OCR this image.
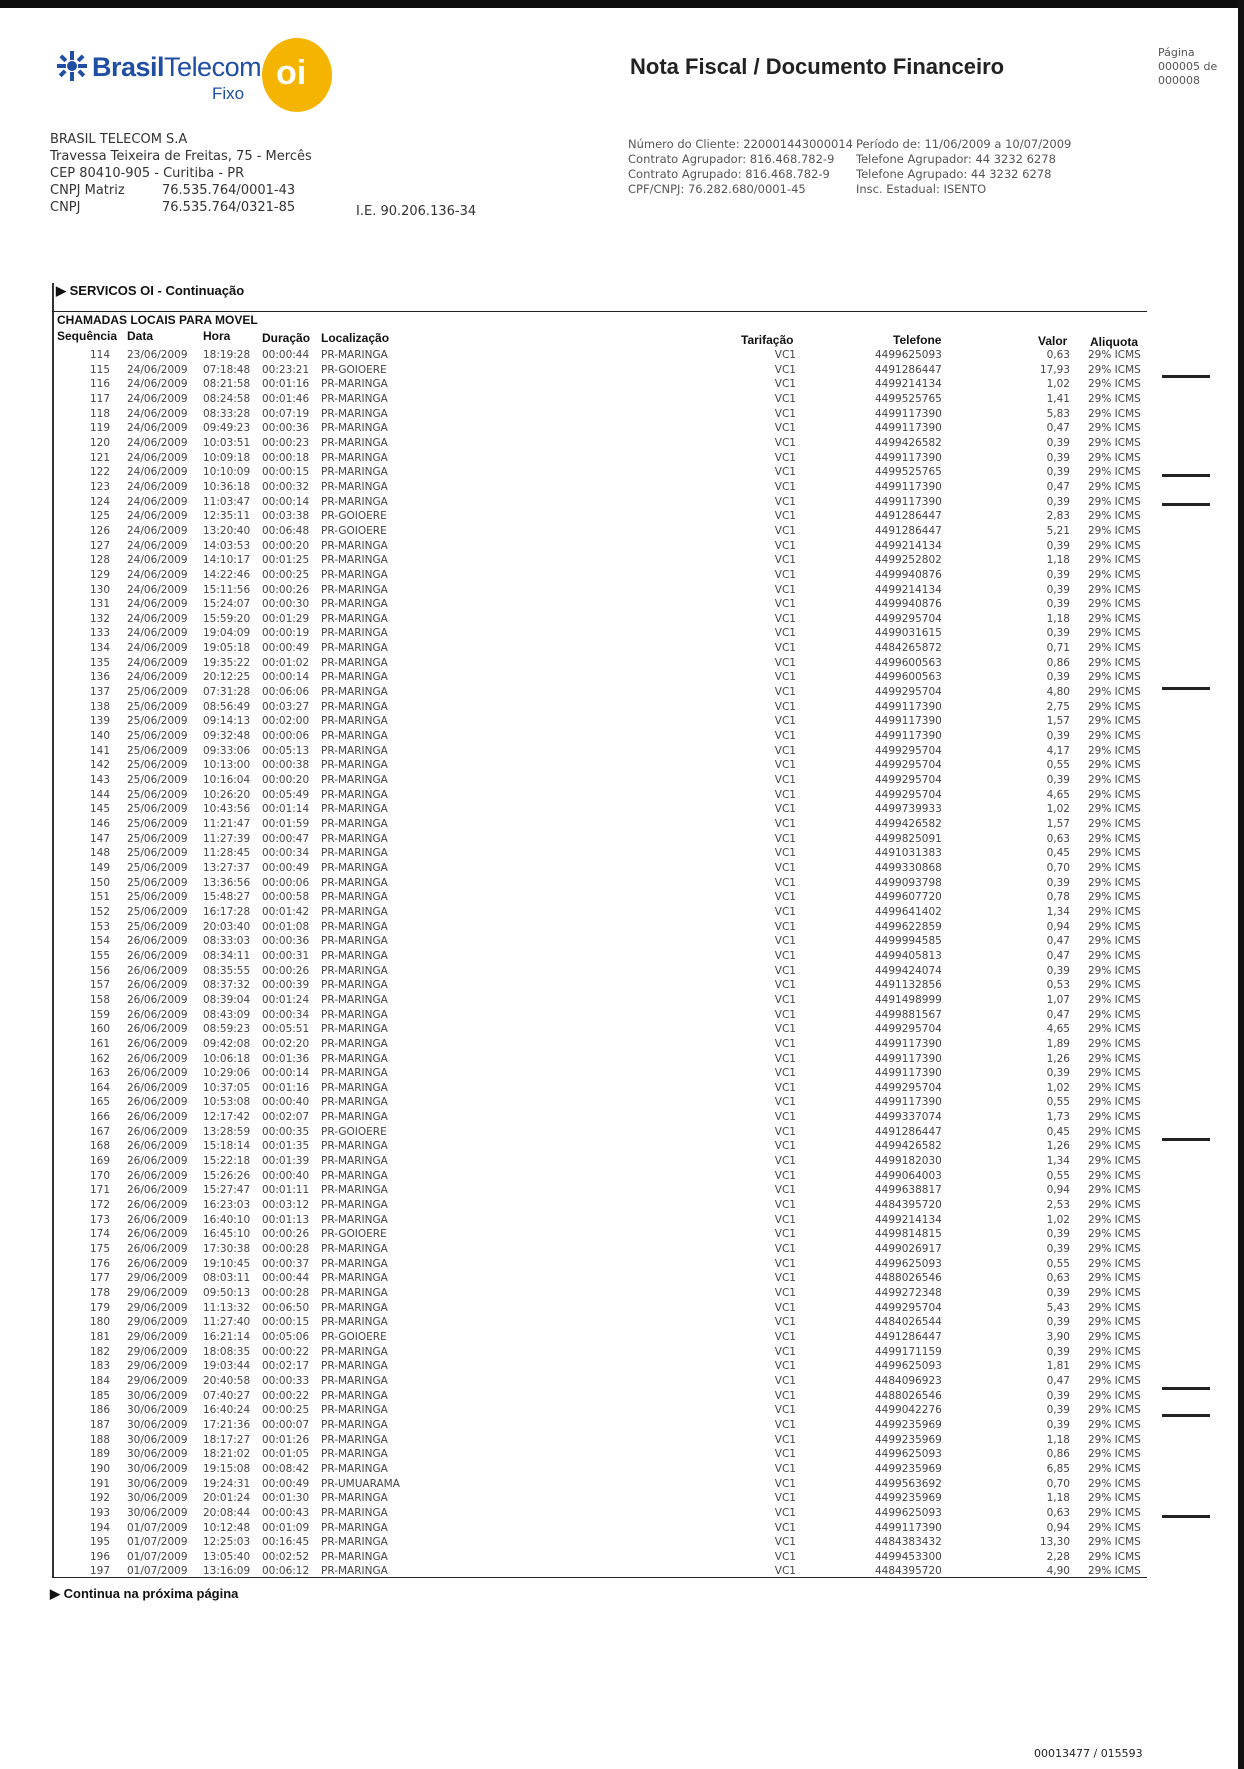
BrasilTelecom
Fixo
oi	Nota Fiscal / Documento Financeiro
Página
000005 de
000008
BRASIL TELECOM S.A
Travessa Teixeira de Freitas, 75 - Mercês
CEP 80410-905 - Curitiba - PR
CNPJ Matriz	76.535.764/0001-43
CNPJ	76.535.764/0321-85	I.E. 90.206.136-34
Número do Cliente: 220001443000014
Contrato Agrupador: 816.468.782-9
Contrato Agrupado: 816.468.782-9
CPF/CNPJ: 76.282.680/0001-45
Período de: 11/06/2009 a 10/07/2009
Telefone Agrupador: 44 3232 6278
Telefone Agrupado: 44 3232 6278
Insc. Estadual: ISENTO
▶ SERVICOS OI - Continuação
CHAMADAS LOCAIS PARA MOVEL
Sequência Data	Hora	Duração Localização	Tarifação	Telefone	Valor Aliquota
114 23/06/2009 18:19:28 00:00:44 PR-MARINGA	VC1	4499625093	0,63 29% ICMS
115 24/06/2009 07:18:48 00:23:21 PR-GOIOERE	VC1	4491286447	17,93 29% ICMS
116 24/06/2009 08:21:58 00:01:16 PR-MARINGA	VC1	4499214134	1,02 29% ICMS
117 24/06/2009 08:24:58 00:01:46 PR-MARINGA	VC1	4499525765	1,41 29% ICMS
118 24/06/2009 08:33:28 00:07:19 PR-MARINGA	VC1	4499117390	5,83 29% ICMS
119 24/06/2009 09:49:23 00:00:36 PR-MARINGA	VC1	4499117390	0,47 29% ICMS
120 24/06/2009 10:03:51 00:00:23 PR-MARINGA	VC1	4499426582	0,39 29% ICMS
121 24/06/2009 10:09:18 00:00:18 PR-MARINGA	VC1	4499117390	0,39 29% ICMS
122 24/06/2009 10:10:09 00:00:15 PR-MARINGA	VC1	4499525765	0,39 29% ICMS
123 24/06/2009 10:36:18 00:00:32 PR-MARINGA	VC1	4499117390	0,47 29% ICMS
124 24/06/2009 11:03:47 00:00:14 PR-MARINGA	VC1	4499117390	0,39 29% ICMS
125 24/06/2009 12:35:11 00:03:38 PR-GOIOERE	VC1	4491286447	2,83 29% ICMS
126 24/06/2009 13:20:40 00:06:48 PR-GOIOERE	VC1	4491286447	5,21 29% ICMS
127 24/06/2009 14:03:53 00:00:20 PR-MARINGA	VC1	4499214134	0,39 29% ICMS
128 24/06/2009 14:10:17 00:01:25 PR-MARINGA	VC1	4499252802	1,18 29% ICMS
129 24/06/2009 14:22:46 00:00:25 PR-MARINGA	VC1	4499940876	0,39 29% ICMS
130 24/06/2009 15:11:56 00:00:26 PR-MARINGA	VC1	4499214134	0,39 29% ICMS
131 24/06/2009 15:24:07 00:00:30 PR-MARINGA	VC1	4499940876	0,39 29% ICMS
132 24/06/2009 15:59:20 00:01:29 PR-MARINGA	VC1	4499295704	1,18 29% ICMS
133 24/06/2009 19:04:09 00:00:19 PR-MARINGA	VC1	4499031615	0,39 29% ICMS
134 24/06/2009 19:05:18 00:00:49 PR-MARINGA	VC1	4484265872	0,71 29% ICMS
135 24/06/2009 19:35:22 00:01:02 PR-MARINGA	VC1	4499600563	0,86 29% ICMS
136 24/06/2009 20:12:25 00:00:14 PR-MARINGA	VC1	4499600563	0,39 29% ICMS
137 25/06/2009 07:31:28 00:06:06 PR-MARINGA	VC1	4499295704	4,80 29% ICMS
138 25/06/2009 08:56:49 00:03:27 PR-MARINGA	VC1	4499117390	2,75 29% ICMS
139 25/06/2009 09:14:13 00:02:00 PR-MARINGA	VC1	4499117390	1,57 29% ICMS
140 25/06/2009 09:32:48 00:00:06 PR-MARINGA	VC1	4499117390	0,39 29% ICMS
141 25/06/2009 09:33:06 00:05:13 PR-MARINGA	VC1	4499295704	4,17 29% ICMS
142 25/06/2009 10:13:00 00:00:38 PR-MARINGA	VC1	4499295704	0,55 29% ICMS
143 25/06/2009 10:16:04 00:00:20 PR-MARINGA	VC1	4499295704	0,39 29% ICMS
144 25/06/2009 10:26:20 00:05:49 PR-MARINGA	VC1	4499295704	4,65 29% ICMS
145 25/06/2009 10:43:56 00:01:14 PR-MARINGA	VC1	4499739933	1,02 29% ICMS
146 25/06/2009 11:21:47 00:01:59 PR-MARINGA	VC1	4499426582	1,57 29% ICMS
147 25/06/2009 11:27:39 00:00:47 PR-MARINGA	VC1	4499825091	0,63 29% ICMS
148 25/06/2009 11:28:45 00:00:34 PR-MARINGA	VC1	4491031383	0,45 29% ICMS
149 25/06/2009 13:27:37 00:00:49 PR-MARINGA	VC1	4499330868	0,70 29% ICMS
150 25/06/2009 13:36:56 00:00:06 PR-MARINGA	VC1	4499093798	0,39 29% ICMS
151 25/06/2009 15:48:27 00:00:58 PR-MARINGA	VC1	4499607720	0,78 29% ICMS
152 25/06/2009 16:17:28 00:01:42 PR-MARINGA	VC1	4499641402	1,34 29% ICMS
153 25/06/2009 20:03:40 00:01:08 PR-MARINGA	VC1	4499622859	0,94 29% ICMS
154 26/06/2009 08:33:03 00:00:36 PR-MARINGA	VC1	4499994585	0,47 29% ICMS
155 26/06/2009 08:34:11 00:00:31 PR-MARINGA	VC1	4499405813	0,47 29% ICMS
156 26/06/2009 08:35:55 00:00:26 PR-MARINGA	VC1	4499424074	0,39 29% ICMS
157 26/06/2009 08:37:32 00:00:39 PR-MARINGA	VC1	4491132856	0,53 29% ICMS
158 26/06/2009 08:39:04 00:01:24 PR-MARINGA	VC1	4491498999	1,07 29% ICMS
159 26/06/2009 08:43:09 00:00:34 PR-MARINGA	VC1	4499881567	0,47 29% ICMS
160 26/06/2009 08:59:23 00:05:51 PR-MARINGA	VC1	4499295704	4,65 29% ICMS
161 26/06/2009 09:42:08 00:02:20 PR-MARINGA	VC1	4499117390	1,89 29% ICMS
162 26/06/2009 10:06:18 00:01:36 PR-MARINGA	VC1	4499117390	1,26 29% ICMS
163 26/06/2009 10:29:06 00:00:14 PR-MARINGA	VC1	4499117390	0,39 29% ICMS
164 26/06/2009 10:37:05 00:01:16 PR-MARINGA	VC1	4499295704	1,02 29% ICMS
165 26/06/2009 10:53:08 00:00:40 PR-MARINGA	VC1	4499117390	0,55 29% ICMS
166 26/06/2009 12:17:42 00:02:07 PR-MARINGA	VC1	4499337074	1,73 29% ICMS
167 26/06/2009 13:28:59 00:00:35 PR-GOIOERE	VC1	4491286447	0,45 29% ICMS
168 26/06/2009 15:18:14 00:01:35 PR-MARINGA	VC1	4499426582	1,26 29% ICMS
169 26/06/2009 15:22:18 00:01:39 PR-MARINGA	VC1	4499182030	1,34 29% ICMS
170 26/06/2009 15:26:26 00:00:40 PR-MARINGA	VC1	4499064003	0,55 29% ICMS
171 26/06/2009 15:27:47 00:01:11 PR-MARINGA	VC1	4499638817	0,94 29% ICMS
172 26/06/2009 16:23:03 00:03:12 PR-MARINGA	VC1	4484395720	2,53 29% ICMS
173 26/06/2009 16:40:10 00:01:13 PR-MARINGA	VC1	4499214134	1,02 29% ICMS
174 26/06/2009 16:45:10 00:00:26 PR-GOIOERE	VC1	4499814815	0,39 29% ICMS
175 26/06/2009 17:30:38 00:00:28 PR-MARINGA	VC1	4499026917	0,39 29% ICMS
176 26/06/2009 19:10:45 00:00:37 PR-MARINGA	VC1	4499625093	0,55 29% ICMS
177 29/06/2009 08:03:11 00:00:44 PR-MARINGA	VC1	4488026546	0,63 29% ICMS
178 29/06/2009 09:50:13 00:00:28 PR-MARINGA	VC1	4499272348	0,39 29% ICMS
179 29/06/2009 11:13:32 00:06:50 PR-MARINGA	VC1	4499295704	5,43 29% ICMS
180 29/06/2009 11:27:40 00:00:15 PR-MARINGA	VC1	4484026544	0,39 29% ICMS
181 29/06/2009 16:21:14 00:05:06 PR-GOIOERE	VC1	4491286447	3,90 29% ICMS
182 29/06/2009 18:08:35 00:00:22 PR-MARINGA	VC1	4499171159	0,39 29% ICMS
183 29/06/2009 19:03:44 00:02:17 PR-MARINGA	VC1	4499625093	1,81 29% ICMS
184 29/06/2009 20:40:58 00:00:33 PR-MARINGA	VC1	4484096923	0,47 29% ICMS
185 30/06/2009 07:40:27 00:00:22 PR-MARINGA	VC1	4488026546	0,39 29% ICMS
186 30/06/2009 16:40:24 00:00:25 PR-MARINGA	VC1	4499042276	0,39 29% ICMS
187 30/06/2009 17:21:36 00:00:07 PR-MARINGA	VC1	4499235969	0,39 29% ICMS
188 30/06/2009 18:17:27 00:01:26 PR-MARINGA	VC1	4499235969	1,18 29% ICMS
189 30/06/2009 18:21:02 00:01:05 PR-MARINGA	VC1	4499625093	0,86 29% ICMS
190 30/06/2009 19:15:08 00:08:42 PR-MARINGA	VC1	4499235969	6,85 29% ICMS
191 30/06/2009 19:24:31 00:00:49 PR-UMUARAMA	VC1	4499563692	0,70 29% ICMS
192 30/06/2009 20:01:24 00:01:30 PR-MARINGA	VC1	4499235969	1,18 29% ICMS
193 30/06/2009 20:08:44 00:00:43 PR-MARINGA	VC1	4499625093	0,63 29% ICMS
194 01/07/2009 10:12:48 00:01:09 PR-MARINGA	VC1	4499117390	0,94 29% ICMS
195 01/07/2009 12:25:03 00:16:45 PR-MARINGA	VC1	4484383432	13,30 29% ICMS
196 01/07/2009 13:05:40 00:02:52 PR-MARINGA	VC1	4499453300	2,28 29% ICMS
197 01/07/2009 13:16:09 00:06:12 PR-MARINGA	VC1	4484395720	4,90 29% ICMS
▶ Continua na próxima página
00013477 / 015593
